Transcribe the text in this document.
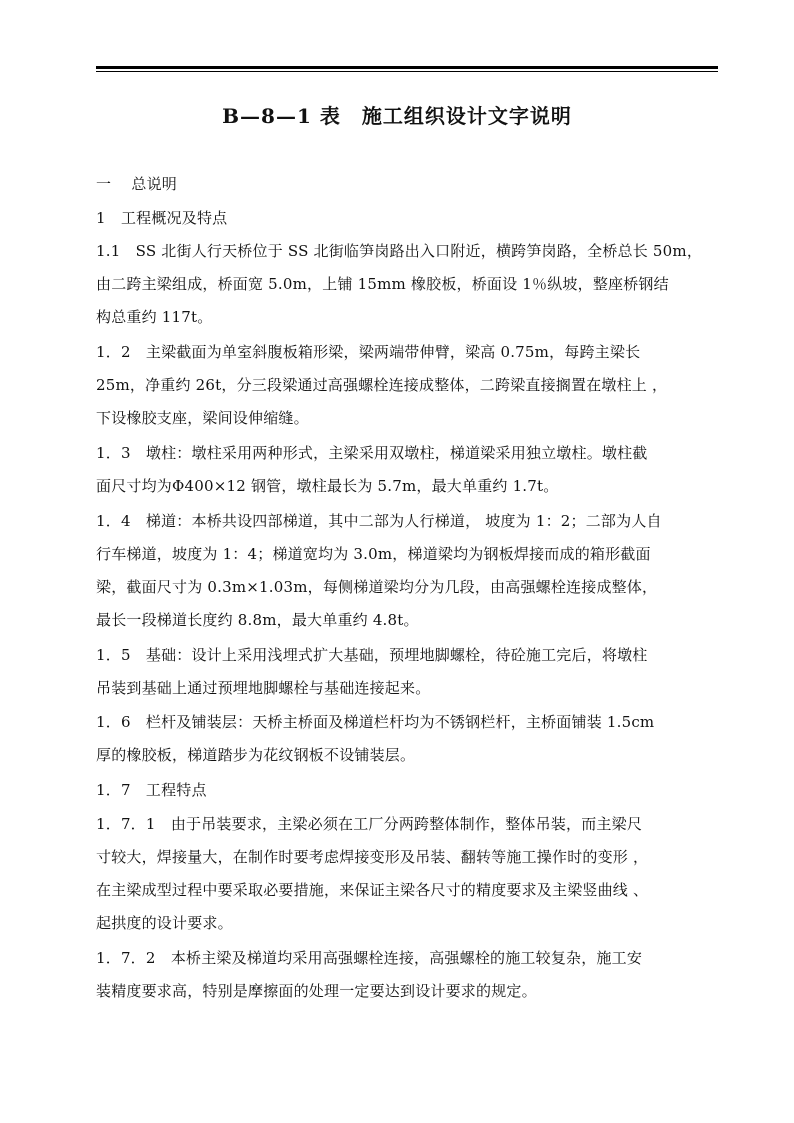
B—8—1 表　施工组织设计文字说明
一　 总说明
1　工程概况及特点
1.1　SS 北街人行天桥位于 SS 北街临笋岗路出入口附近，横跨笋岗路，全桥总长 50m，
由二跨主梁组成，桥面宽 5.0m，上铺 15mm 橡胶板，桥面设 1％纵坡，整座桥钢结
构总重约 117t。
1．2　主梁截面为单室斜腹板箱形梁，梁两端带伸臂，梁高 0.75m，每跨主梁长
25m，净重约 26t，分三段梁通过高强螺栓连接成整体，二跨梁直接搁置在墩柱上 ，
下设橡胶支座，梁间设伸缩缝。
1．3　墩柱：墩柱采用两种形式，主梁采用双墩柱，梯道梁采用独立墩柱。墩柱截
面尺寸均为Φ400×12 钢管，墩柱最长为 5.7m，最大单重约 1.7t。
1．4　梯道：本桥共设四部梯道，其中二部为人行梯道， 坡度为 1：2；二部为人自
行车梯道，坡度为 1：4；梯道宽均为 3.0m，梯道梁均为钢板焊接而成的箱形截面
梁，截面尺寸为 0.3m×1.03m，每侧梯道梁均分为几段，由高强螺栓连接成整体，
最长一段梯道长度约 8.8m，最大单重约 4.8t。
1．5　基础：设计上采用浅埋式扩大基础，预埋地脚螺栓，待砼施工完后，将墩柱
吊装到基础上通过预埋地脚螺栓与基础连接起来。
1．6　栏杆及铺装层：天桥主桥面及梯道栏杆均为不锈钢栏杆，主桥面铺装 1.5cm
厚的橡胶板，梯道踏步为花纹钢板不设铺装层。
1．7　工程特点
1．7．1　由于吊装要求，主梁必须在工厂分两跨整体制作，整体吊装，而主梁尺
寸较大，焊接量大，在制作时要考虑焊接变形及吊装、翻转等施工操作时的变形 ，
在主梁成型过程中要采取必要措施，来保证主梁各尺寸的精度要求及主梁竖曲线 、
起拱度的设计要求。
1．7．2　本桥主梁及梯道均采用高强螺栓连接，高强螺栓的施工较复杂，施工安
装精度要求高，特别是摩擦面的处理一定要达到设计要求的规定。
